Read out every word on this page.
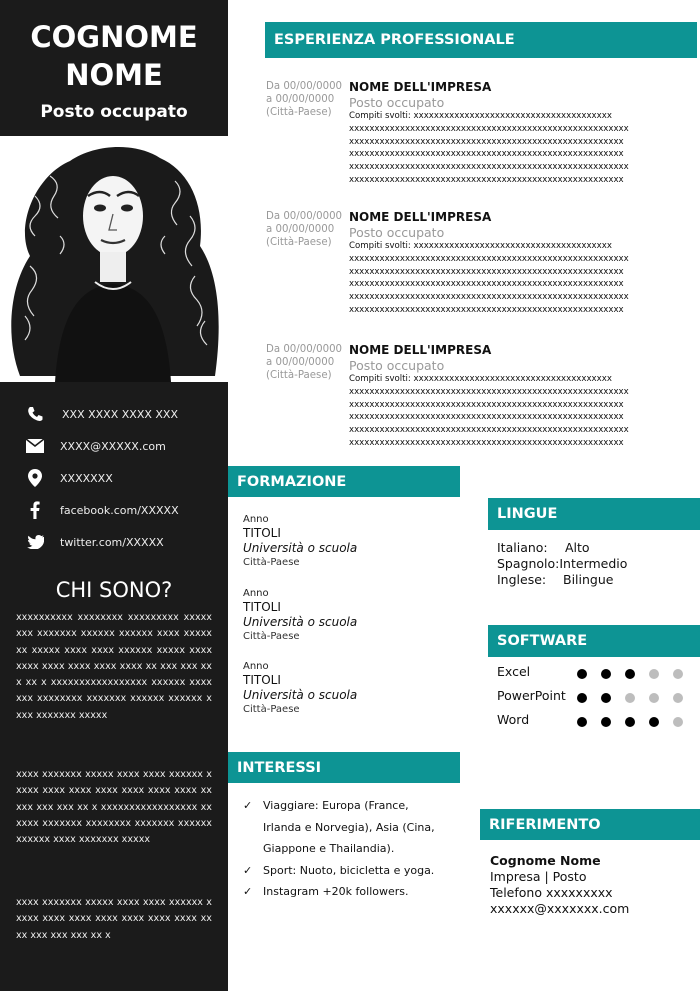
COGNOME
NOME
Posto occupato
XXX XXXX XXXX XXX
XXXX@XXXXX.com
XXXXXXX
facebook.com/XXXXX
twitter.com/XXXXX
CHI SONO?
xxxxxxxxxx xxxxxxxx xxxxxxxxx xxxxxxxx xxxxxxx xxxxxx xxxxxx xxxx xxxxxxx xxxxx xxxx xxxx xxxxxx xxxxx xxxx xxxx xxxx xxxx xxxx xxxx xx xxx xxx xxx xx x xxxxxxxxxxxxxxxxx xxxxxx xxxxxxx xxxxxxxx xxxxxxx xxxxxx xxxxxx xxxx xxxxxxx xxxxx
xxxx xxxxxxx xxxxx xxxx xxxx xxxxxx xxxxx xxxx xxxx xxxx xxxx xxxx xxxx xx xxx xxx xxx xx x xxxxxxxxxxxxxxxxx xxxxxx xxxxxxx xxxxxxxx xxxxxxx xxxxxx xxxxxx xxxx xxxxxxx xxxxx
xxxx xxxxxxx xxxxx xxxx xxxx xxxxxx xxxxx xxxx xxxx xxxx xxxx xxxx xxxx xx xx xxx xxx xxx xx x
ESPERIENZA PROFESSIONALE
Da 00/00/0000
a 00/00/0000
(Città-Paese)
NOME DELL'IMPRESA
Posto occupato
Compiti svolti: xxxxxxxxxxxxxxxxxxxxxxxxxxxxxxxxxxxxxxx
xxxxxxxxxxxxxxxxxxxxxxxxxxxxxxxxxxxxxxxxxxxxxxxxxxxxxxx
xxxxxxxxxxxxxxxxxxxxxxxxxxxxxxxxxxxxxxxxxxxxxxxxxxxxxx
xxxxxxxxxxxxxxxxxxxxxxxxxxxxxxxxxxxxxxxxxxxxxxxxxxxxxx
xxxxxxxxxxxxxxxxxxxxxxxxxxxxxxxxxxxxxxxxxxxxxxxxxxxxxxx
xxxxxxxxxxxxxxxxxxxxxxxxxxxxxxxxxxxxxxxxxxxxxxxxxxxxxx
Da 00/00/0000
a 00/00/0000
(Città-Paese)
NOME DELL'IMPRESA
Posto occupato
Compiti svolti: xxxxxxxxxxxxxxxxxxxxxxxxxxxxxxxxxxxxxxx
xxxxxxxxxxxxxxxxxxxxxxxxxxxxxxxxxxxxxxxxxxxxxxxxxxxxxxx
xxxxxxxxxxxxxxxxxxxxxxxxxxxxxxxxxxxxxxxxxxxxxxxxxxxxxx
xxxxxxxxxxxxxxxxxxxxxxxxxxxxxxxxxxxxxxxxxxxxxxxxxxxxxx
xxxxxxxxxxxxxxxxxxxxxxxxxxxxxxxxxxxxxxxxxxxxxxxxxxxxxxx
xxxxxxxxxxxxxxxxxxxxxxxxxxxxxxxxxxxxxxxxxxxxxxxxxxxxxx
Da 00/00/0000
a 00/00/0000
(Città-Paese)
NOME DELL'IMPRESA
Posto occupato
Compiti svolti: xxxxxxxxxxxxxxxxxxxxxxxxxxxxxxxxxxxxxxx
xxxxxxxxxxxxxxxxxxxxxxxxxxxxxxxxxxxxxxxxxxxxxxxxxxxxxxx
xxxxxxxxxxxxxxxxxxxxxxxxxxxxxxxxxxxxxxxxxxxxxxxxxxxxxx
xxxxxxxxxxxxxxxxxxxxxxxxxxxxxxxxxxxxxxxxxxxxxxxxxxxxxx
xxxxxxxxxxxxxxxxxxxxxxxxxxxxxxxxxxxxxxxxxxxxxxxxxxxxxxx
xxxxxxxxxxxxxxxxxxxxxxxxxxxxxxxxxxxxxxxxxxxxxxxxxxxxxx
FORMAZIONE
Anno
TITOLI
Università o scuola
Città-Paese
Anno
TITOLI
Università o scuola
Città-Paese
Anno
TITOLI
Università o scuola
Città-Paese
INTERESSI
✓ Viaggiare: Europa (France,
Irlanda e Norvegia), Asia (Cina,
Giappone e Thailandia).
✓ Sport: Nuoto, bicicletta e yoga.
✓ Instagram +20k followers.
LINGUE
Italiano: Alto
Spagnolo:Intermedio
Inglese: Bilingue
SOFTWARE
Excel
PowerPoint
Word
RIFERIMENTO
Cognome Nome
Impresa | Posto
Telefono xxxxxxxxx
xxxxxx@xxxxxxx.com
